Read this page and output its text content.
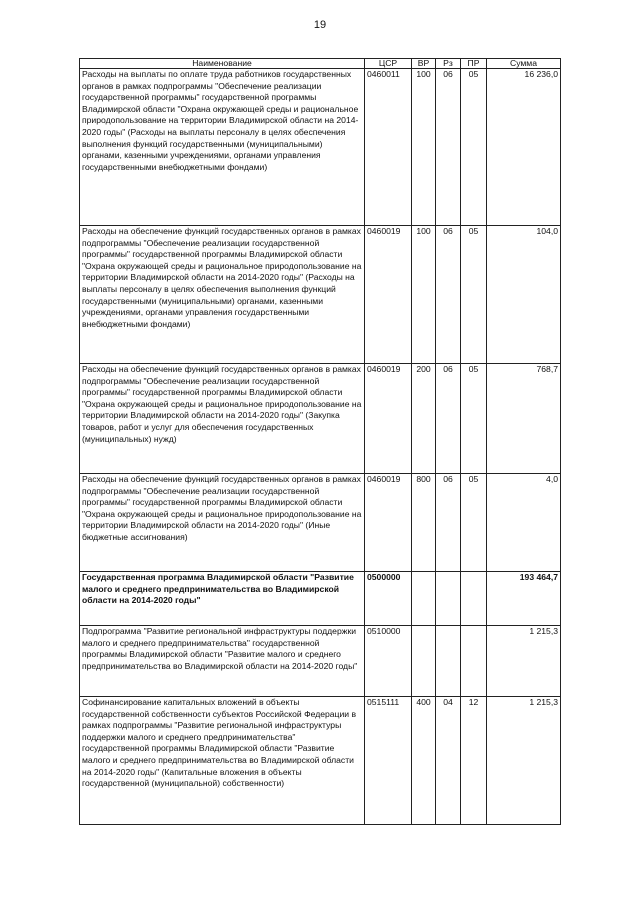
19
Наименование	ЦСР	ВР	Рз	ПР	Сумма
Расходы на выплаты по оплате труда работников государственных органов в рамках подпрограммы "Обеспечение реализации государственной программы" государственной программы Владимирской области "Охрана окружающей среды и рациональное природопользование на территории Владимирской области на 2014-2020 годы" (Расходы на выплаты персоналу в целях обеспечения выполнения функций государственными (муниципальными) органами, казенными учреждениями, органами управления государственными внебюджетными фондами)	0460011	100	06	05	16 236,0
Расходы на обеспечение функций государственных органов в рамках подпрограммы "Обеспечение реализации государственной программы" государственной программы Владимирской области "Охрана окружающей среды и рациональное природопользование на территории Владимирской области на 2014-2020 годы" (Расходы на выплаты персоналу в целях обеспечения выполнения функций государственными (муниципальными) органами, казенными учреждениями, органами управления государственными внебюджетными фондами)	0460019	100	06	05	104,0
Расходы на обеспечение функций государственных органов в рамках подпрограммы "Обеспечение реализации государственной программы" государственной программы Владимирской области "Охрана окружающей среды и рациональное природопользование на территории Владимирской области на 2014-2020 годы" (Закупка товаров, работ и услуг для обеспечения государственных (муниципальных) нужд)	0460019	200	06	05	768,7
Расходы на обеспечение функций государственных органов в рамках подпрограммы "Обеспечение реализации государственной программы" государственной программы Владимирской области "Охрана окружающей среды и рациональное природопользование на территории Владимирской области на 2014-2020 годы" (Иные бюджетные ассигнования)	0460019	800	06	05	4,0
Государственная программа Владимирской области "Развитие малого и среднего предпринимательства во Владимирской области на 2014-2020 годы"	0500000				193 464,7
Подпрограмма "Развитие региональной инфраструктуры поддержки малого и среднего предпринимательства" государственной программы Владимирской области "Развитие малого и среднего предпринимательства во Владимирской области на 2014-2020 годы"	0510000				1 215,3
Софинансирование капитальных вложений в объекты государственной собственности субъектов Российской Федерации в рамках подпрограммы "Развитие региональной инфраструктуры поддержки малого и среднего предпринимательства" государственной программы Владимирской области "Развитие малого и среднего предпринимательства во Владимирской области на 2014-2020 годы" (Капитальные вложения в объекты государственной (муниципальной) собственности)	0515111	400	04	12	1 215,3
